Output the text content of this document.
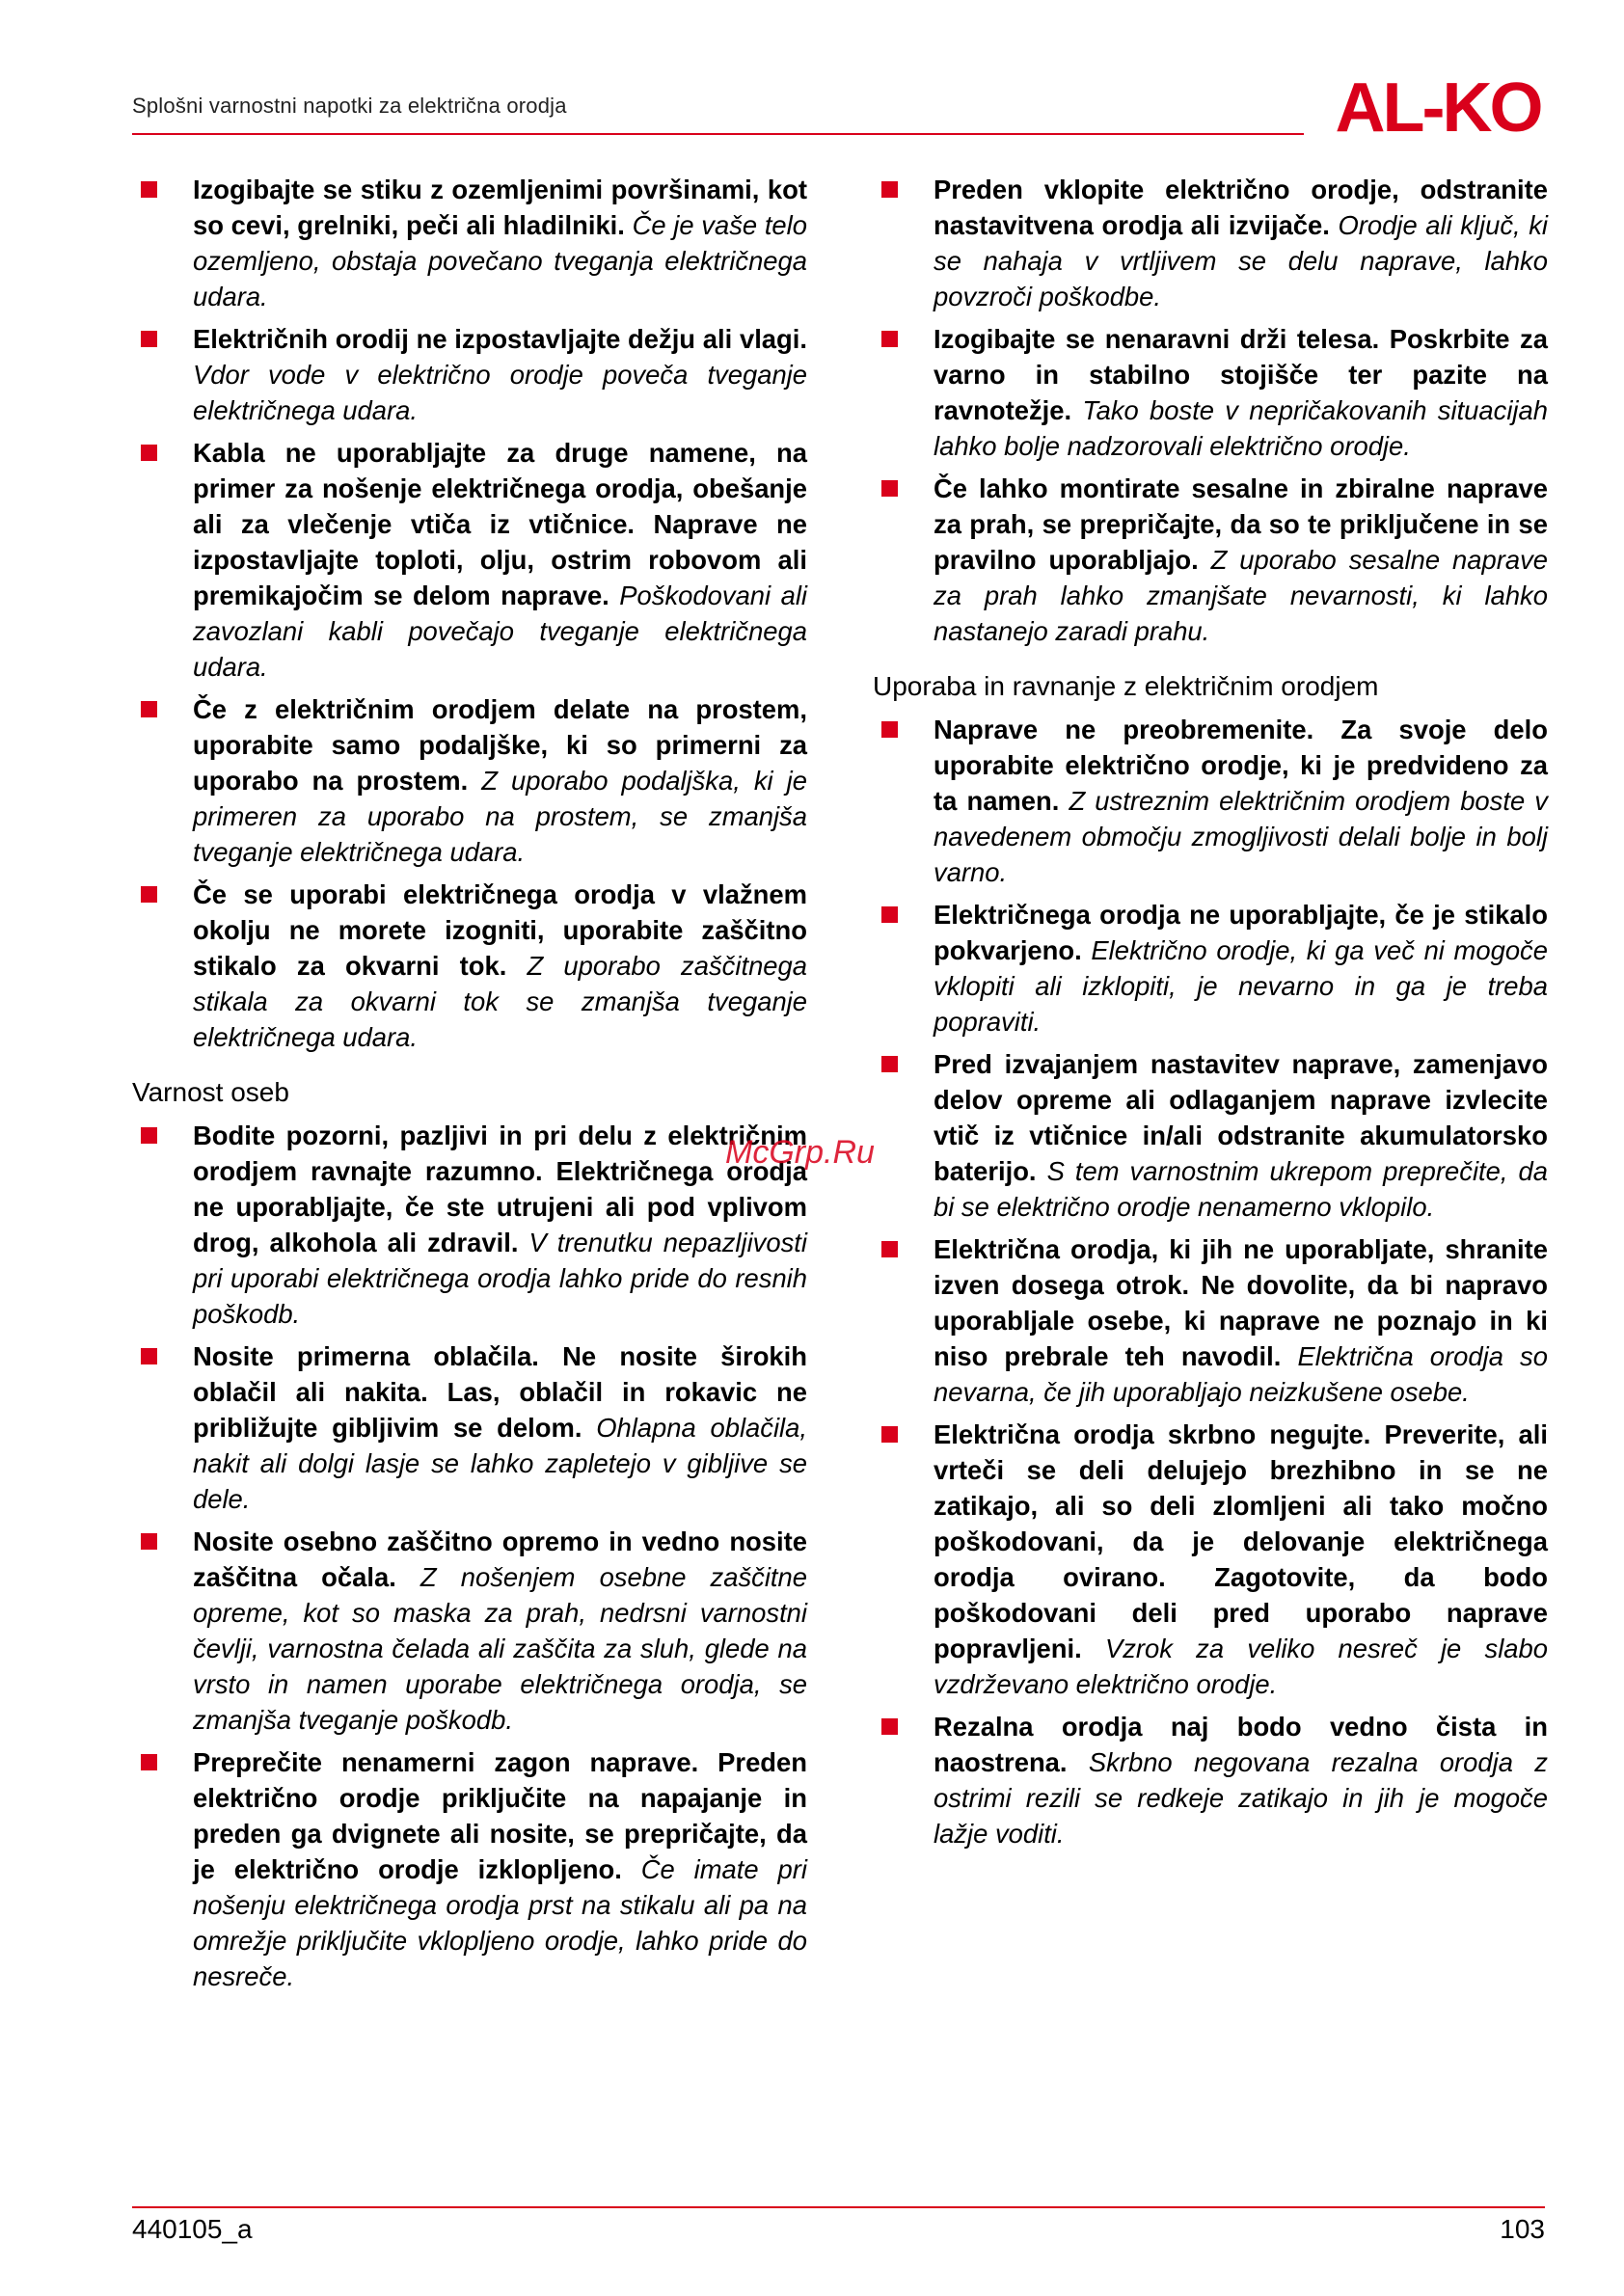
Splošni varnostni napotki za električna orodja	AL-KO
Izogibajte se stiku z ozemljenimi površinami, kot so cevi, grelniki, peči ali hladilniki. Če je vaše telo ozemljeno, obstaja povečano tveganja električnega udara.
Električnih orodij ne izpostavljajte dežju ali vlagi. Vdor vode v električno orodje poveča tveganje električnega udara.
Kabla ne uporabljajte za druge namene, na primer za nošenje električnega orodja, obešanje ali za vlečenje vtiča iz vtičnice. Naprave ne izpostavljajte toploti, olju, ostrim robovom ali premikajočim se delom naprave. Poškodovani ali zavozlani kabli povečajo tveganje električnega udara.
Če z električnim orodjem delate na prostem, uporabite samo podaljške, ki so primerni za uporabo na prostem. Z uporabo podaljška, ki je primeren za uporabo na prostem, se zmanjša tveganje električnega udara.
Če se uporabi električnega orodja v vlažnem okolju ne morete izogniti, uporabite zaščitno stikalo za okvarni tok. Z uporabo zaščitnega stikala za okvarni tok se zmanjša tveganje električnega udara.
Varnost oseb
Bodite pozorni, pazljivi in pri delu z električnim orodjem ravnajte razumno. Električnega orodja ne uporabljajte, če ste utrujeni ali pod vplivom drog, alkohola ali zdravil. V trenutku nepazljivosti pri uporabi električnega orodja lahko pride do resnih poškodb.
Nosite primerna oblačila. Ne nosite širokih oblačil ali nakita. Las, oblačil in rokavic ne približujte gibljivim se delom. Ohlapna oblačila, nakit ali dolgi lasje se lahko zapletejo v gibljive se dele.
Nosite osebno zaščitno opremo in vedno nosite zaščitna očala. Z nošenjem osebne zaščitne opreme, kot so maska za prah, nedrsni varnostni čevlji, varnostna čelada ali zaščita za sluh, glede na vrsto in namen uporabe električnega orodja, se zmanjša tveganje poškodb.
Preprečite nenamerni zagon naprave. Preden električno orodje priključite na napajanje in preden ga dvignete ali nosite, se prepričajte, da je električno orodje izklopljeno. Če imate pri nošenju električnega orodja prst na stikalu ali pa na omrežje priključite vklopljeno orodje, lahko pride do nesreče.
Preden vklopite električno orodje, odstranite nastavitvena orodja ali izvijače. Orodje ali ključ, ki se nahaja v vrtljivem se delu naprave, lahko povzroči poškodbe.
Izogibajte se nenaravni drži telesa. Poskrbite za varno in stabilno stojišče ter pazite na ravnotežje. Tako boste v nepričakovanih situacijah lahko bolje nadzorovali električno orodje.
Če lahko montirate sesalne in zbiralne naprave za prah, se prepričajte, da so te priključene in se pravilno uporabljajo. Z uporabo sesalne naprave za prah lahko zmanjšate nevarnosti, ki lahko nastanejo zaradi prahu.
Uporaba in ravnanje z električnim orodjem
Naprave ne preobremenite. Za svoje delo uporabite električno orodje, ki je predvideno za ta namen. Z ustreznim električnim orodjem boste v navedenem območju zmogljivosti delali bolje in bolj varno.
Električnega orodja ne uporabljajte, če je stikalo pokvarjeno. Električno orodje, ki ga več ni mogoče vklopiti ali izklopiti, je nevarno in ga je treba popraviti.
Pred izvajanjem nastavitev naprave, zamenjavo delov opreme ali odlaganjem naprave izvlecite vtič iz vtičnice in/ali odstranite akumulatorsko baterijo. S tem varnostnim ukrepom preprečite, da bi se električno orodje nenamerno vklopilo.
Električna orodja, ki jih ne uporabljate, shranite izven dosega otrok. Ne dovolite, da bi napravo uporabljale osebe, ki naprave ne poznajo in ki niso prebrale teh navodil. Električna orodja so nevarna, če jih uporabljajo neizkušene osebe.
Električna orodja skrbno negujte. Preverite, ali vrteči se deli delujejo brezhibno in se ne zatikajo, ali so deli zlomljeni ali tako močno poškodovani, da je delovanje električnega orodja ovirano. Zagotovite, da bodo poškodovani deli pred uporabo naprave popravljeni. Vzrok za veliko nesreč je slabo vzdrževano električno orodje.
Rezalna orodja naj bodo vedno čista in naostrena. Skrbno negovana rezalna orodja z ostrimi rezili se redkeje zatikajo in jih je mogoče lažje voditi.
McGrp.Ru
440105_a	103
